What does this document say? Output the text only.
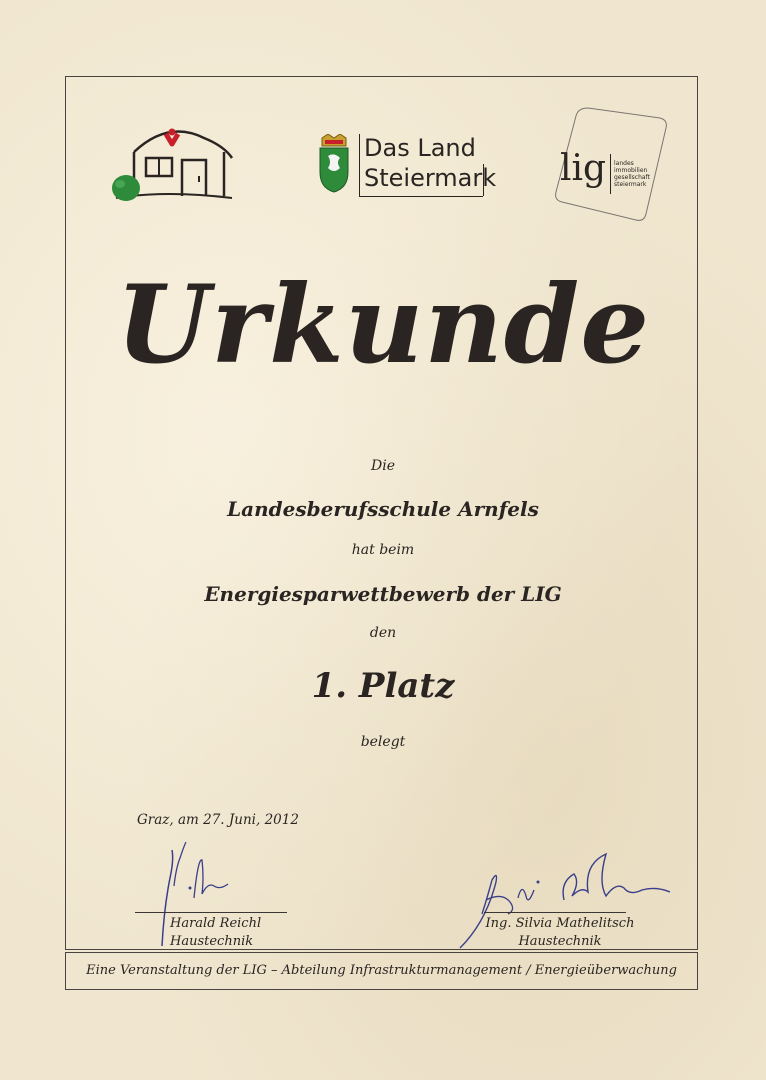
Das Land
Steiermark lig landes
immobilien
gesellschaft
steiermark
Urkunde
Die
Landesberufsschule Arnfels
hat beim
Energiesparwettbewerb der LIG
den
1. Platz
belegt
Graz, am 27. Juni, 2012
Harald Reichl
Haustechnik
Ing. Silvia Mathelitsch
Haustechnik
Eine Veranstaltung der LIG – Abteilung Infrastrukturmanagement / Energieüberwachung
